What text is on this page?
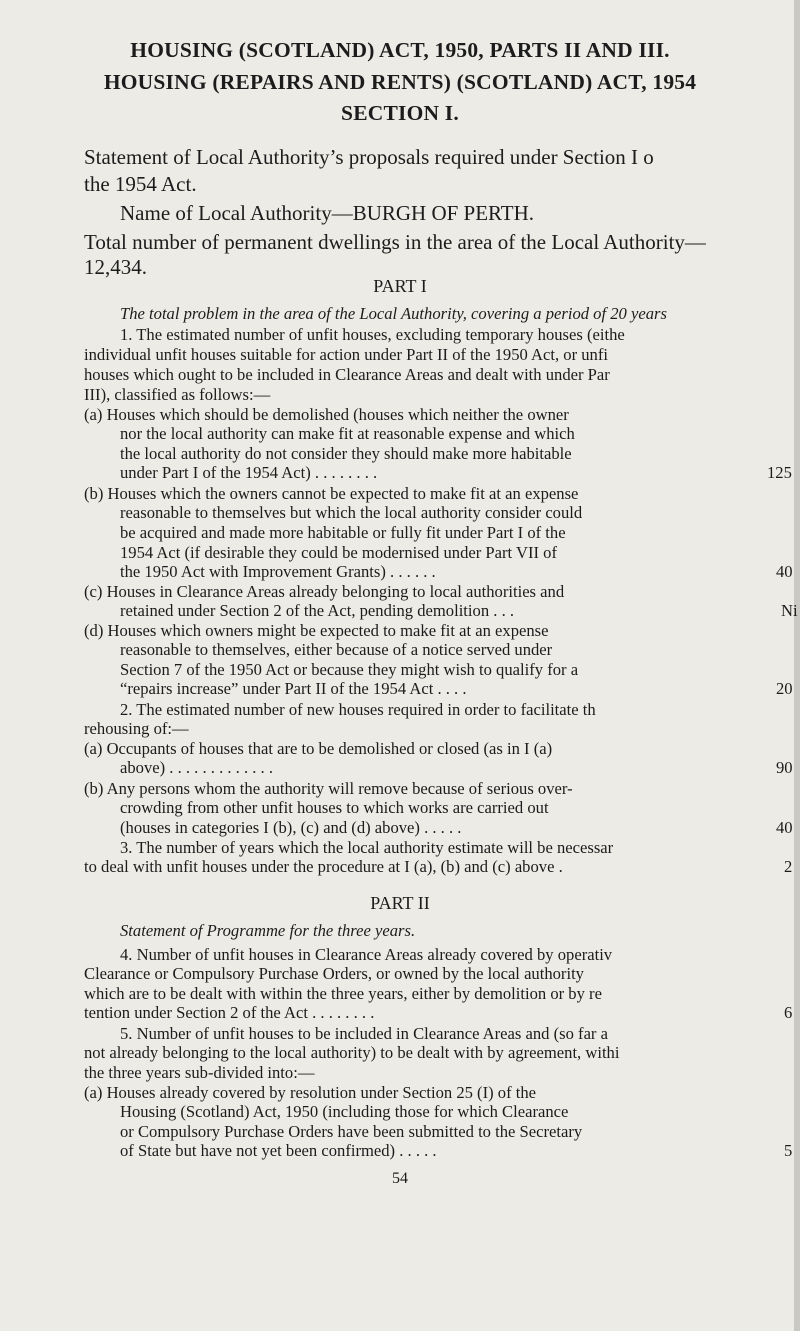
HOUSING (SCOTLAND) ACT, 1950, PARTS II AND III.
HOUSING (REPAIRS AND RENTS) (SCOTLAND) ACT, 1954
SECTION I.
Statement of Local Authority’s proposals required under Section I o
the 1954 Act.
Name of Local Authority—BURGH OF PERTH.
Total number of permanent dwellings in the area of the Local Authority—
12,434.
PART I
The total problem in the area of the Local Authority, covering a period of 20 years
1. The estimated number of unfit houses, excluding temporary houses (eithe
individual unfit houses suitable for action under Part II of the 1950 Act, or unfi
houses which ought to be included in Clearance Areas and dealt with under Par
III), classified as follows:—
(a) Houses which should be demolished (houses which neither the owner
nor the local authority can make fit at reasonable expense and which
the local authority do not consider they should make more habitable
under Part I of the 1954 Act) . . . . . . . .	125
(b) Houses which the owners cannot be expected to make fit at an expense
reasonable to themselves but which the local authority consider could
be acquired and made more habitable or fully fit under Part I of the
1954 Act (if desirable they could be modernised under Part VII of
the 1950 Act with Improvement Grants) . . . . . .	40
(c) Houses in Clearance Areas already belonging to local authorities and
retained under Section 2 of the Act, pending demolition . . .	Ni
(d) Houses which owners might be expected to make fit at an expense
reasonable to themselves, either because of a notice served under
Section 7 of the 1950 Act or because they might wish to qualify for a
“repairs increase” under Part II of the 1954 Act . . . .	20
2. The estimated number of new houses required in order to facilitate th
rehousing of:—
(a) Occupants of houses that are to be demolished or closed (as in I (a)
above) . . . . . . . . . . . . .	90
(b) Any persons whom the authority will remove because of serious over-
crowding from other unfit houses to which works are carried out
(houses in categories I (b), (c) and (d) above) . . . . .	40
3. The number of years which the local authority estimate will be necessar
to deal with unfit houses under the procedure at I (a), (b) and (c) above .	2
PART II
Statement of Programme for the three years.
4. Number of unfit houses in Clearance Areas already covered by operativ
Clearance or Compulsory Purchase Orders, or owned by the local authority
which are to be dealt with within the three years, either by demolition or by re
tention under Section 2 of the Act . . . . . . . .	6
5. Number of unfit houses to be included in Clearance Areas and (so far a
not already belonging to the local authority) to be dealt with by agreement, withi
the three years sub-divided into:—
(a) Houses already covered by resolution under Section 25 (I) of the
Housing (Scotland) Act, 1950 (including those for which Clearance
or Compulsory Purchase Orders have been submitted to the Secretary
of State but have not yet been confirmed) . . . . .	5
54
